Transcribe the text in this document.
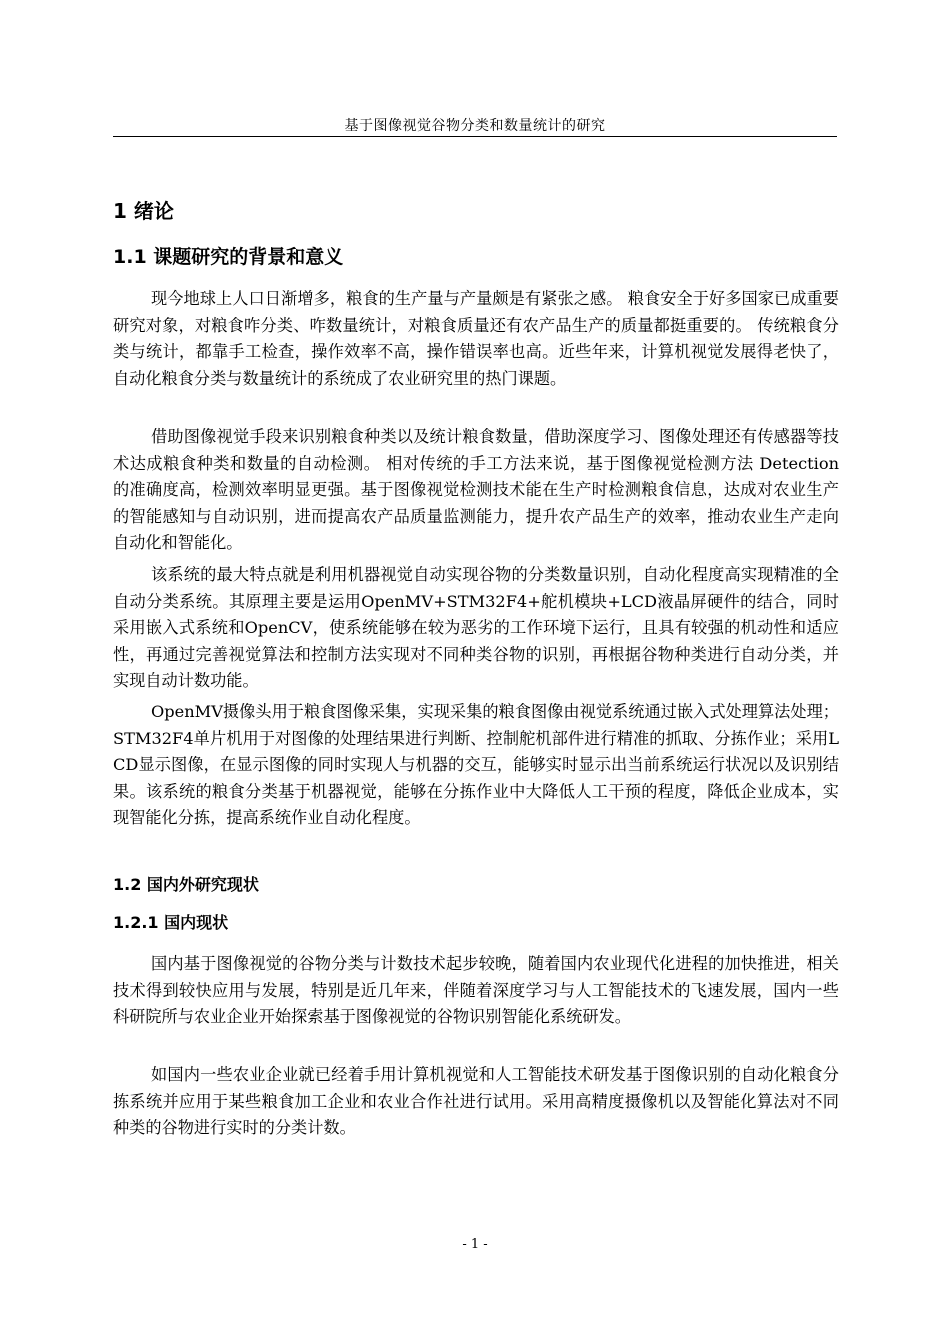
基于图像视觉谷物分类和数量统计的研究
1 绪论
1.1 课题研究的背景和意义

现今地球上人口日渐增多，粮食的生产量与产量颇是有紧张之感。 粮食安全于好多国家已成重要研究对象，对粮食咋分类、咋数量统计，对粮食质量还有农产品生产的质量都挺重要的。 传统粮食分类与统计，都靠手工检查，操作效率不高，操作错误率也高。近些年来，计算机视觉发展得老快了，自动化粮食分类与数量统计的系统成了农业研究里的热门课题。

借助图像视觉手段来识别粮食种类以及统计粮食数量，借助深度学习、图像处理还有传感器等技术达成粮食种类和数量的自动检测。 相对传统的手工方法来说，基于图像视觉检测方法 Detection 的准确度高，检测效率明显更强。基于图像视觉检测技术能在生产时检测粮食信息，达成对农业生产的智能感知与自动识别，进而提高农产品质量监测能力，提升农产品生产的效率，推动农业生产走向自动化和智能化。

该系统的最大特点就是利用机器视觉自动实现谷物的分类数量识别，自动化程度高实现精准的全自动分类系统。其原理主要是运用OpenMV+STM32F4+舵机模块+LCD液晶屏硬件的结合，同时采用嵌入式系统和OpenCV，使系统能够在较为恶劣的工作环境下运行，且具有较强的机动性和适应性，再通过完善视觉算法和控制方法实现对不同种类谷物的识别，再根据谷物种类进行自动分类，并实现自动计数功能。

OpenMV摄像头用于粮食图像采集，实现采集的粮食图像由视觉系统通过嵌入式处理算法处理；STM32F4单片机用于对图像的处理结果进行判断、控制舵机部件进行精准的抓取、分拣作业；采用LCD显示图像，在显示图像的同时实现人与机器的交互，能够实时显示出当前系统运行状况以及识别结果。该系统的粮食分类基于机器视觉，能够在分拣作业中大降低人工干预的程度，降低企业成本，实现智能化分拣，提高系统作业自动化程度。

1.2 国内外研究现状
1.2.1 国内现状

国内基于图像视觉的谷物分类与计数技术起步较晚，随着国内农业现代化进程的加快推进，相关技术得到较快应用与发展，特别是近几年来，伴随着深度学习与人工智能技术的飞速发展，国内一些科研院所与农业企业开始探索基于图像视觉的谷物识别智能化系统研发。

如国内一些农业企业就已经着手用计算机视觉和人工智能技术研发基于图像识别的自动化粮食分拣系统并应用于某些粮食加工企业和农业合作社进行试用。采用高精度摄像机以及智能化算法对不同种类的谷物进行实时的分类计数。

- 1 -
